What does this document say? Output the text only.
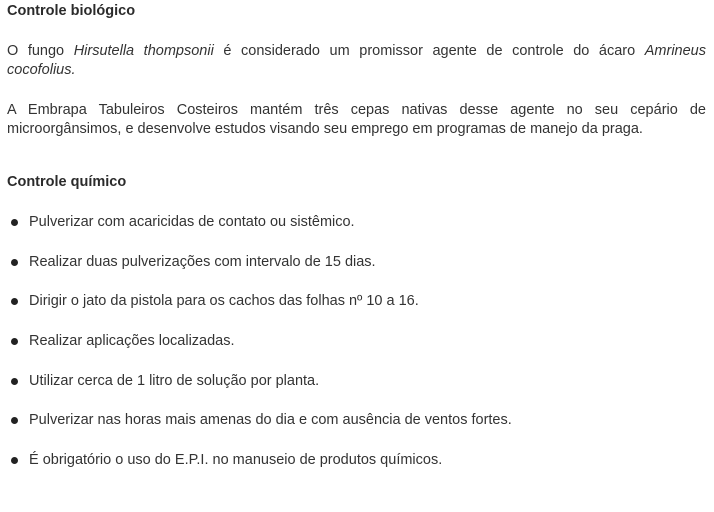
Controle biológico

O fungo Hirsutella thompsonii é considerado um promissor agente de controle do ácaro Amrineus cocofolius.

A Embrapa Tabuleiros Costeiros mantém três cepas nativas desse agente no seu cepário de microorgânsimos, e desenvolve estudos visando seu emprego em programas de manejo da praga.

Controle químico
Pulverizar com acaricidas de contato ou sistêmico.
Realizar duas pulverizações com intervalo de 15 dias.
Dirigir o jato da pistola para os cachos das folhas nº 10 a 16.
Realizar aplicações localizadas.
Utilizar cerca de 1 litro de solução por planta.
Pulverizar nas horas mais amenas do dia e com ausência de ventos fortes.
É obrigatório o uso do E.P.I. no manuseio de produtos químicos.
